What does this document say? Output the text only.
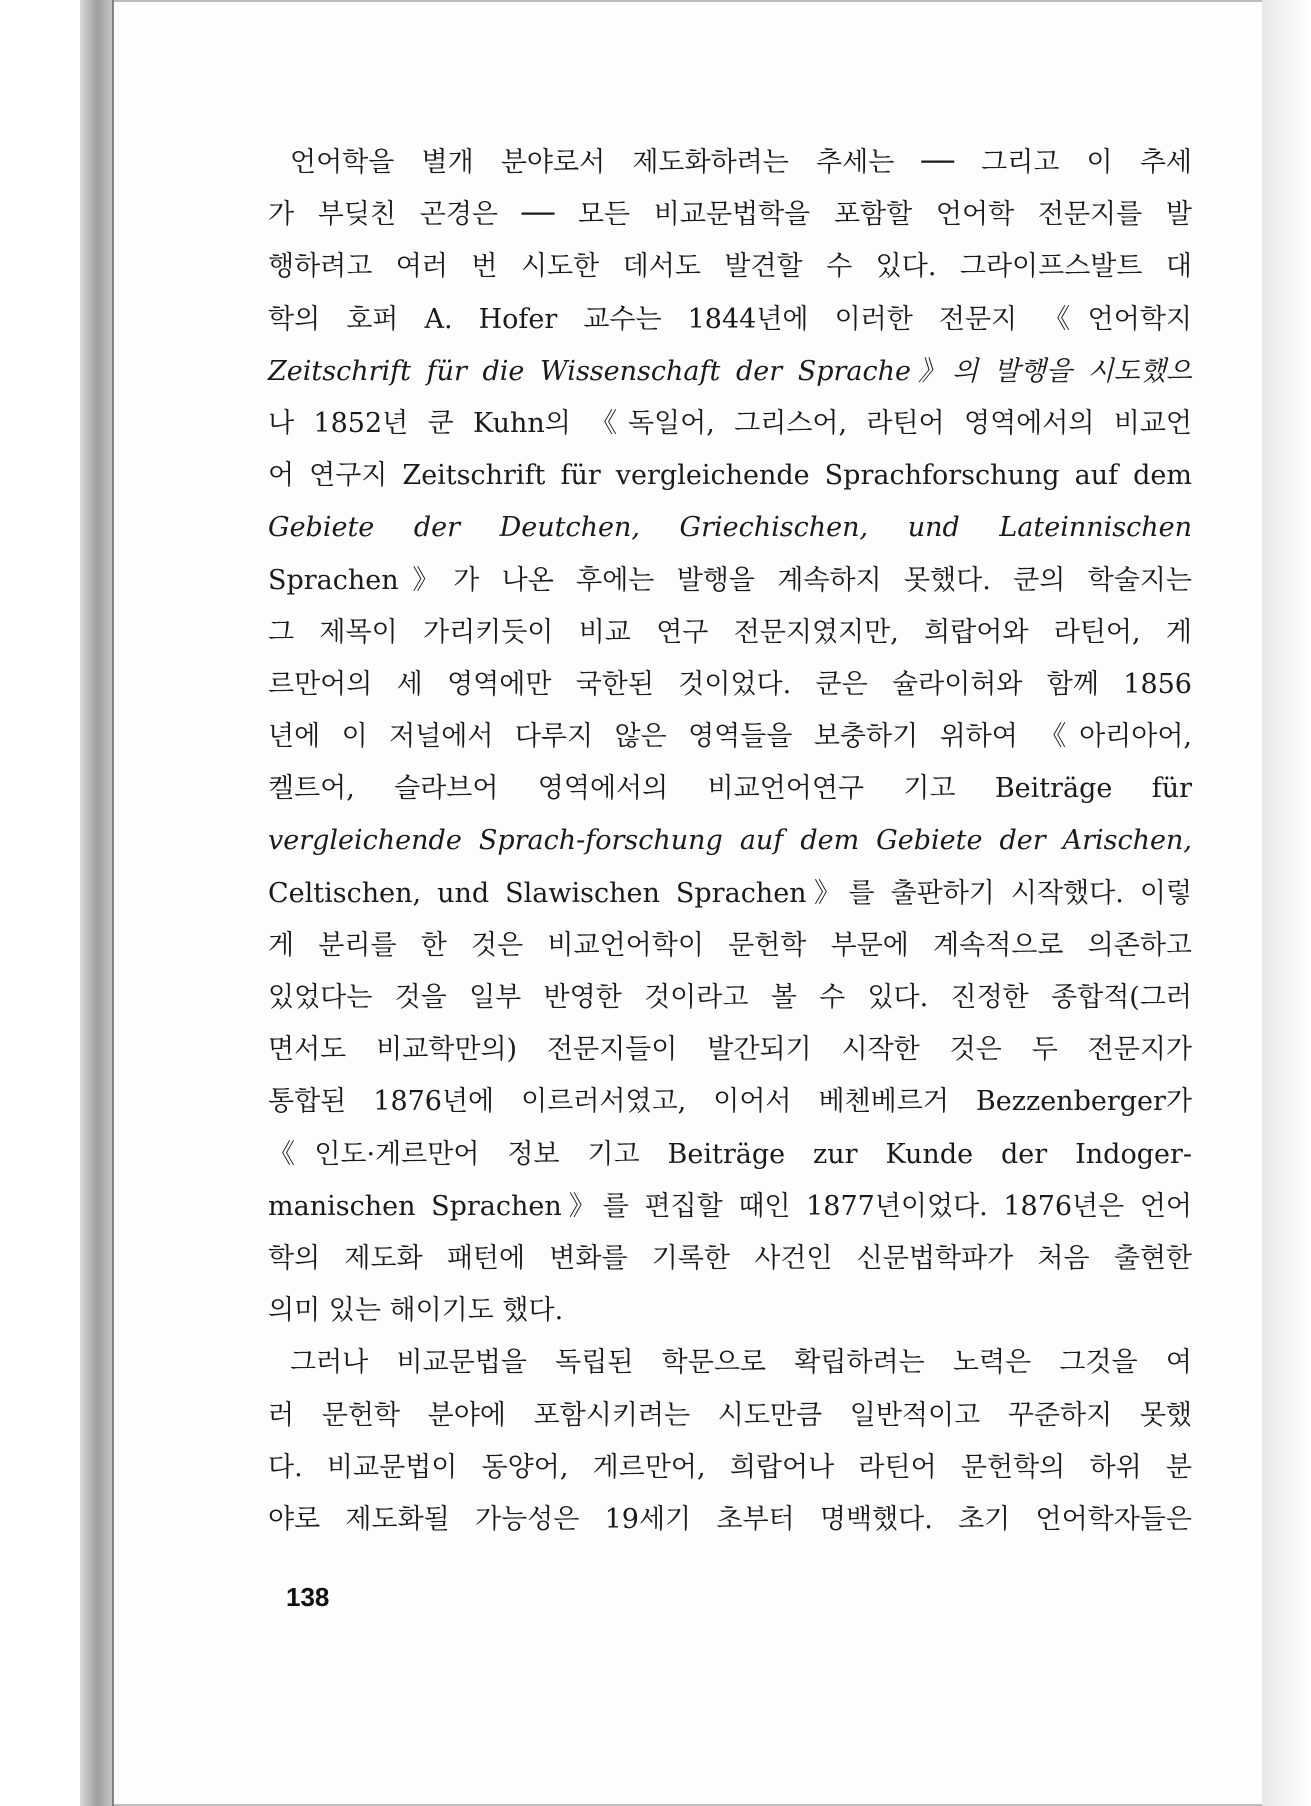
언어학을 별개 분야로서 제도화하려는 추세는 ── 그리고 이 추세
가 부딪친 곤경은 ── 모든 비교문법학을 포함할 언어학 전문지를 발
행하려고 여러 번 시도한 데서도 발견할 수 있다. 그라이프스발트 대
학의 호퍼 A. Hofer 교수는 1844년에 이러한 전문지 《언어학지
Zeitschrift für die Wissenschaft der Sprache》의 발행을 시도했으
나 1852년 쿤 Kuhn의 《독일어, 그리스어, 라틴어 영역에서의 비교언
어 연구지 Zeitschrift für vergleichende Sprachforschung auf dem
Gebiete der Deutchen, Griechischen, und Lateinnischen
Sprachen》가 나온 후에는 발행을 계속하지 못했다. 쿤의 학술지는
그 제목이 가리키듯이 비교 연구 전문지였지만, 희랍어와 라틴어, 게
르만어의 세 영역에만 국한된 것이었다. 쿤은 슐라이허와 함께 1856
년에 이 저널에서 다루지 않은 영역들을 보충하기 위하여 《아리아어,
켈트어, 슬라브어 영역에서의 비교언어연구 기고 Beiträge für
vergleichende Sprach-forschung auf dem Gebiete der Arischen,
Celtischen, und Slawischen Sprachen》를 출판하기 시작했다. 이렇
게 분리를 한 것은 비교언어학이 문헌학 부문에 계속적으로 의존하고
있었다는 것을 일부 반영한 것이라고 볼 수 있다. 진정한 종합적(그러
면서도 비교학만의) 전문지들이 발간되기 시작한 것은 두 전문지가
통합된 1876년에 이르러서였고, 이어서 베첸베르거 Bezzenberger가
《인도·게르만어 정보 기고 Beiträge zur Kunde der Indoger-
manischen Sprachen》를 편집할 때인 1877년이었다. 1876년은 언어
학의 제도화 패턴에 변화를 기록한 사건인 신문법학파가 처음 출현한
의미 있는 해이기도 했다.

그러나 비교문법을 독립된 학문으로 확립하려는 노력은 그것을 여
러 문헌학 분야에 포함시키려는 시도만큼 일반적이고 꾸준하지 못했
다. 비교문법이 동양어, 게르만어, 희랍어나 라틴어 문헌학의 하위 분
야로 제도화될 가능성은 19세기 초부터 명백했다. 초기 언어학자들은

138
